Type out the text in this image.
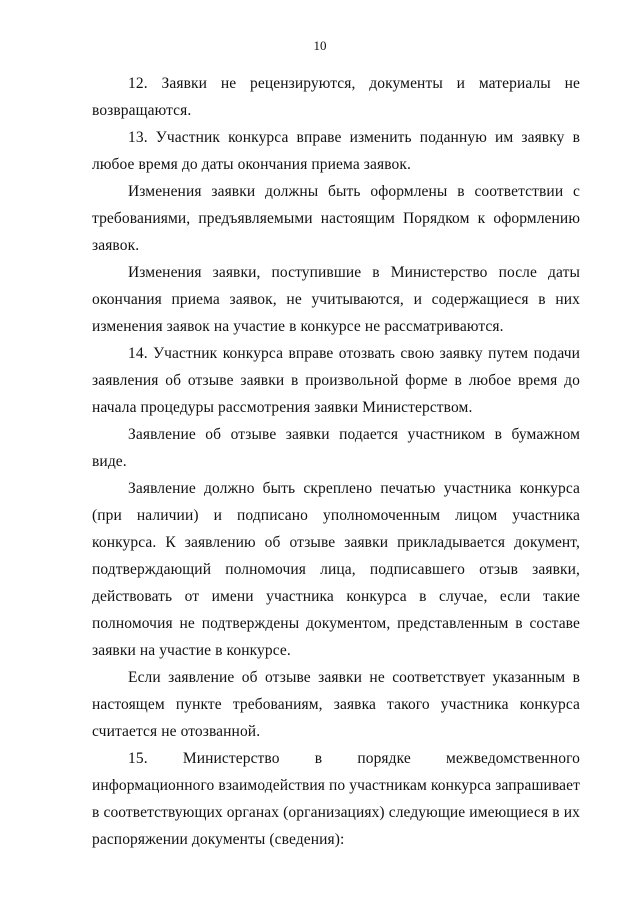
10

12. Заявки не рецензируются, документы и материалы не возвращаются.

13. Участник конкурса вправе изменить поданную им заявку в любое время до даты окончания приема заявок.

Изменения заявки должны быть оформлены в соответствии с требованиями, предъявляемыми настоящим Порядком к оформлению заявок.

Изменения заявки, поступившие в Министерство после даты окончания приема заявок, не учитываются, и содержащиеся в них изменения заявок на участие в конкурсе не рассматриваются.

14. Участник конкурса вправе отозвать свою заявку путем подачи заявления об отзыве заявки в произвольной форме в любое время до начала процедуры рассмотрения заявки Министерством.

Заявление об отзыве заявки подается участником в бумажном виде.

Заявление должно быть скреплено печатью участника конкурса (при наличии) и подписано уполномоченным лицом участника конкурса. К заявлению об отзыве заявки прикладывается документ, подтверждающий полномочия лица, подписавшего отзыв заявки, действовать от имени участника конкурса в случае, если такие полномочия не подтверждены документом, представленным в составе заявки на участие в конкурсе.

Если заявление об отзыве заявки не соответствует указанным в настоящем пункте требованиям, заявка такого участника конкурса считается не отозванной.

15. Министерство в порядке межведомственного информационного взаимодействия по участникам конкурса запрашивает в соответствующих органах (организациях) следующие имеющиеся в их распоряжении документы (сведения):
